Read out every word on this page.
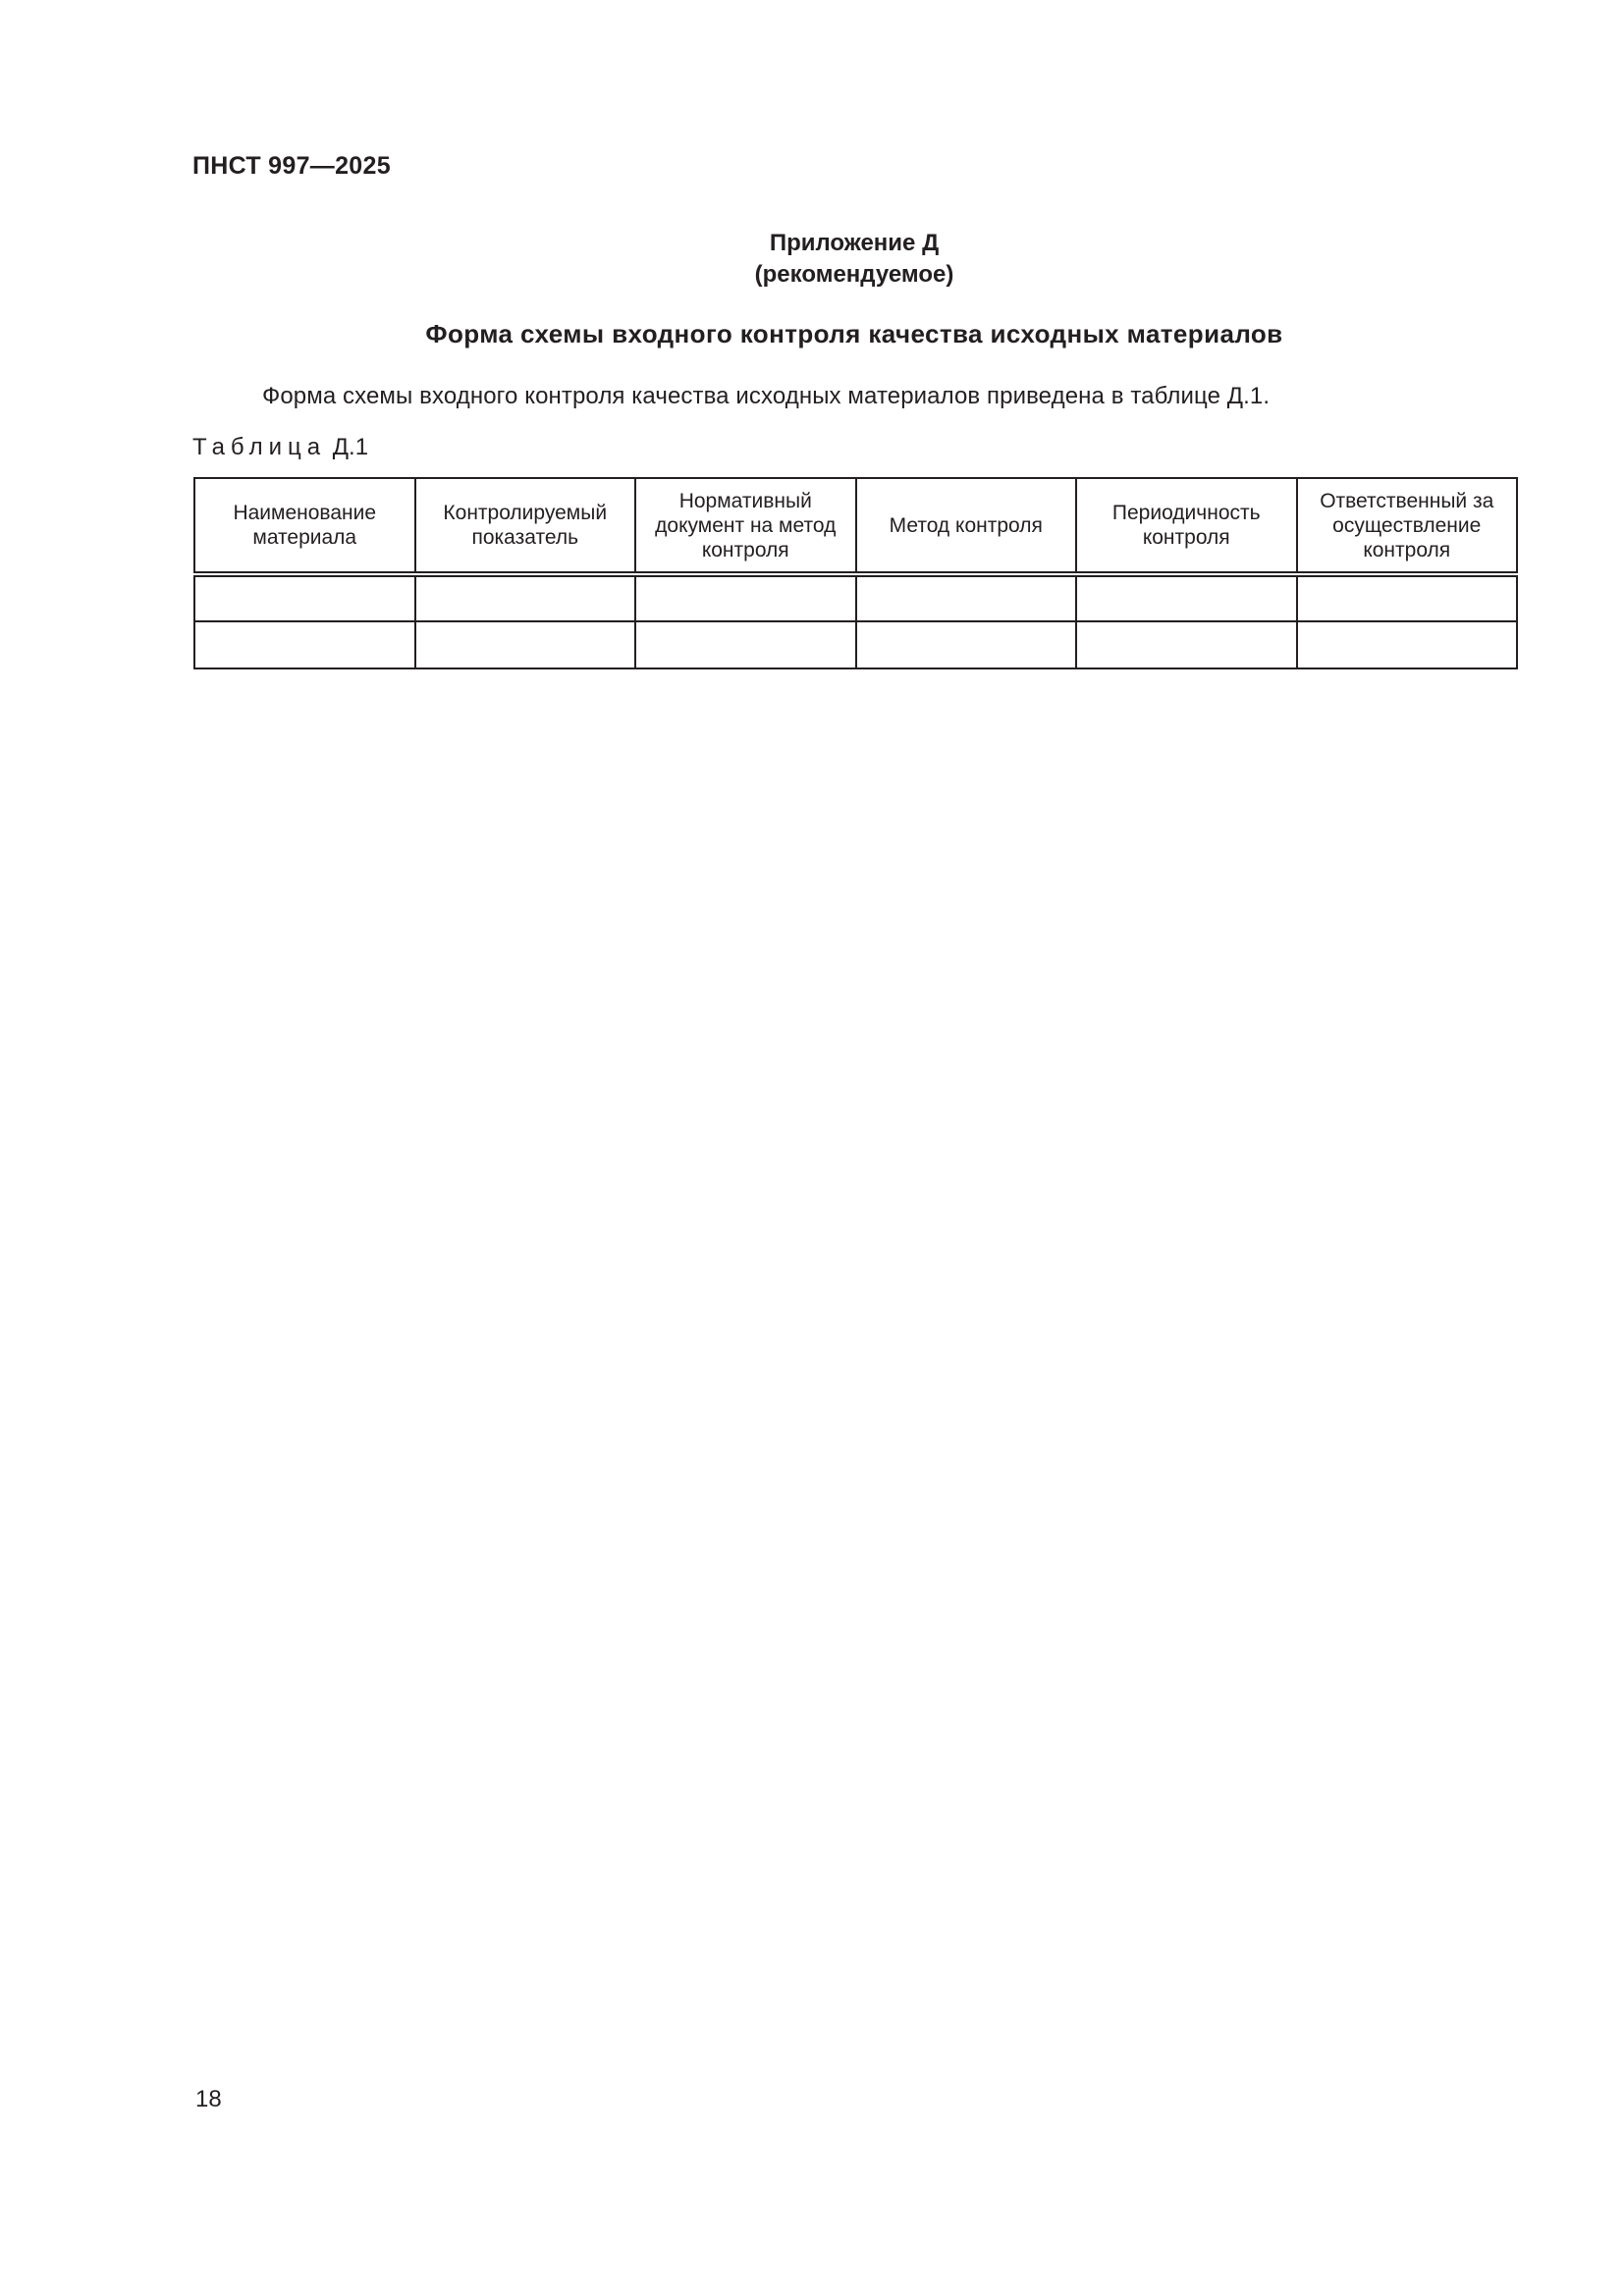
ПНСТ 997—2025
Приложение Д
(рекомендуемое)
Форма схемы входного контроля качества исходных материалов
Форма схемы входного контроля качества исходных материалов приведена в таблице Д.1.
Таблица Д.1
Наименование материала	Контролируемый показатель	Нормативный документ на метод контроля	Метод контроля	Периодичность контроля	Ответственный за осуществление контроля

18
